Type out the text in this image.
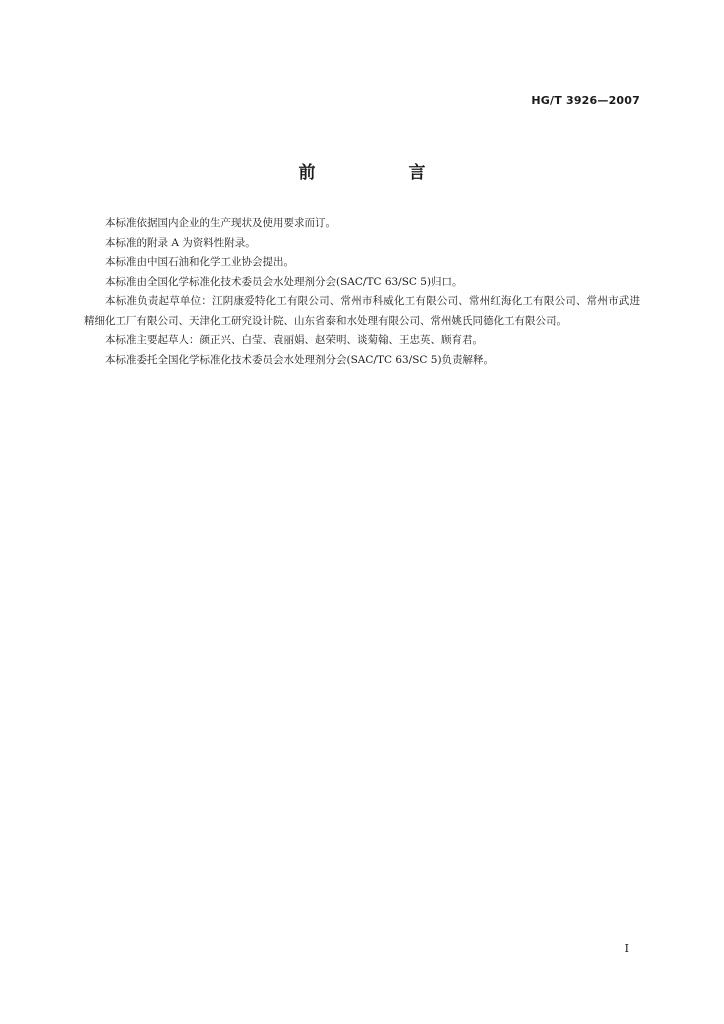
HG/T 3926—2007
前　言

本标准依据国内企业的生产现状及使用要求而订。

本标准的附录 A 为资料性附录。

本标准由中国石油和化学工业协会提出。

本标准由全国化学标准化技术委员会水处理剂分会(SAC/TC 63/SC 5)归口。

本标准负责起草单位：江阴康爱特化工有限公司、常州市科威化工有限公司、常州红海化工有限公司、常州市武进精细化工厂有限公司、天津化工研究设计院、山东省泰和水处理有限公司、常州姚氏同德化工有限公司。

本标准主要起草人：颜正兴、白莹、袁丽娟、赵荣明、谈菊翰、王忠英、顾育君。

本标准委托全国化学标准化技术委员会水处理剂分会(SAC/TC 63/SC 5)负责解释。

I
